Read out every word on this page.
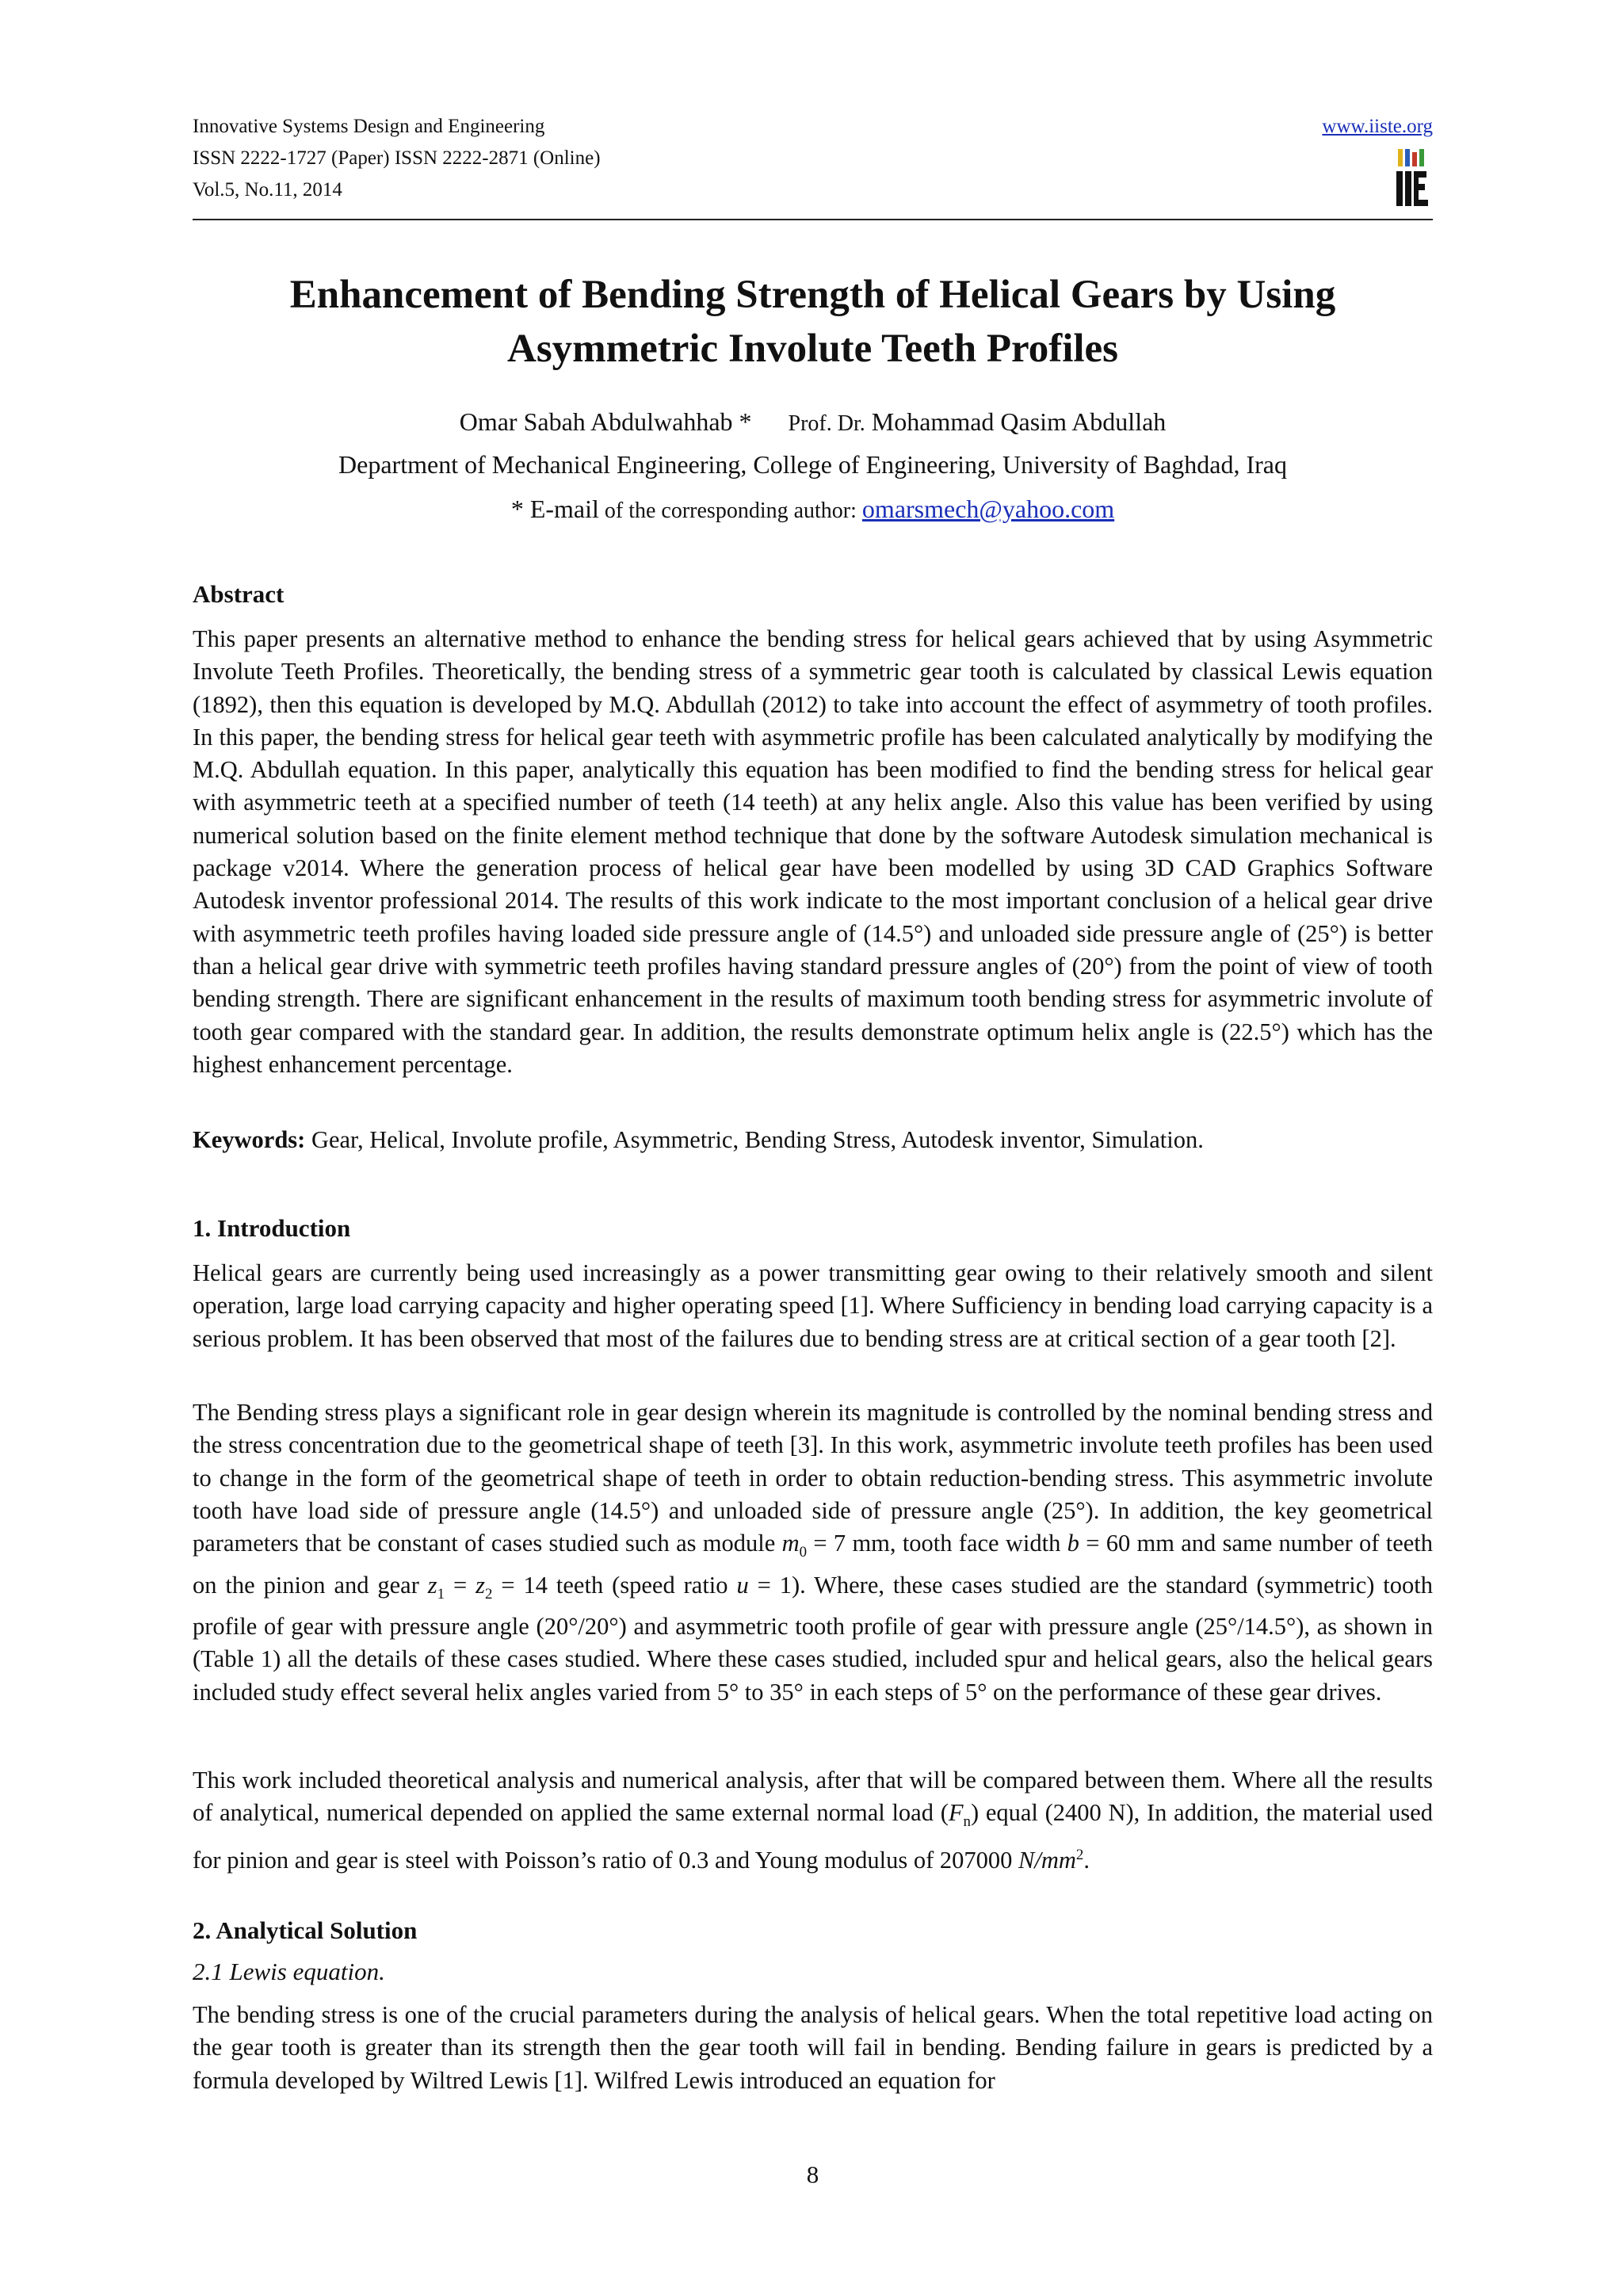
Innovative Systems Design and Engineering
ISSN 2222-1727 (Paper) ISSN 2222-2871 (Online)
Vol.5, No.11, 2014
www.iiste.org
Enhancement of Bending Strength of Helical Gears by Using
Asymmetric Involute Teeth Profiles
Omar Sabah Abdulwahhab * Prof. Dr. Mohammad Qasim Abdullah
Department of Mechanical Engineering, College of Engineering, University of Baghdad, Iraq
* E-mail of the corresponding author: omarsmech@yahoo.com
Abstract
This paper presents an alternative method to enhance the bending stress for helical gears achieved that by using Asymmetric Involute Teeth Profiles. Theoretically, the bending stress of a symmetric gear tooth is calculated by classical Lewis equation (1892), then this equation is developed by M.Q. Abdullah (2012) to take into account the effect of asymmetry of tooth profiles. In this paper, the bending stress for helical gear teeth with asymmetric profile has been calculated analytically by modifying the M.Q. Abdullah equation. In this paper, analytically this equation has been modified to find the bending stress for helical gear with asymmetric teeth at a specified number of teeth (14 teeth) at any helix angle. Also this value has been verified by using numerical solution based on the finite element method technique that done by the software Autodesk simulation mechanical is package v2014. Where the generation process of helical gear have been modelled by using 3D CAD Graphics Software Autodesk inventor professional 2014. The results of this work indicate to the most important conclusion of a helical gear drive with asymmetric teeth profiles having loaded side pressure angle of (14.5°) and unloaded side pressure angle of (25°) is better than a helical gear drive with symmetric teeth profiles having standard pressure angles of (20°) from the point of view of tooth bending strength. There are significant enhancement in the results of maximum tooth bending stress for asymmetric involute of tooth gear compared with the standard gear. In addition, the results demonstrate optimum helix angle is (22.5°) which has the highest enhancement percentage.
Keywords: Gear, Helical, Involute profile, Asymmetric, Bending Stress, Autodesk inventor, Simulation.
1. Introduction
Helical gears are currently being used increasingly as a power transmitting gear owing to their relatively smooth and silent operation, large load carrying capacity and higher operating speed [1]. Where Sufficiency in bending load carrying capacity is a serious problem. It has been observed that most of the failures due to bending stress are at critical section of a gear tooth [2].
The Bending stress plays a significant role in gear design wherein its magnitude is controlled by the nominal bending stress and the stress concentration due to the geometrical shape of teeth [3]. In this work, asymmetric involute teeth profiles has been used to change in the form of the geometrical shape of teeth in order to obtain reduction-bending stress. This asymmetric involute tooth have load side of pressure angle (14.5°) and unloaded side of pressure angle (25°). In addition, the key geometrical parameters that be constant of cases studied such as module $m_0 = 7$ mm, tooth face width b = 60 mm and same number of teeth on the pinion and gear $z_1 = z_2 = 14$ teeth (speed ratio u = 1). Where, these cases studied are the standard (symmetric) tooth profile of gear with pressure angle (20°/20°) and asymmetric tooth profile of gear with pressure angle (25°/14.5°), as shown in (Table 1) all the details of these cases studied. Where these cases studied, included spur and helical gears, also the helical gears included study effect several helix angles varied from 5° to 35° in each steps of 5° on the performance of these gear drives.
This work included theoretical analysis and numerical analysis, after that will be compared between them. Where all the results of analytical, numerical depended on applied the same external normal load $(F_n)$ equal (2400 N), In addition, the material used for pinion and gear is steel with Poisson’s ratio of 0.3 and Young modulus of 207000 $N/mm^2$.
2. Analytical Solution
2.1 Lewis equation.
The bending stress is one of the crucial parameters during the analysis of helical gears. When the total repetitive load acting on the gear tooth is greater than its strength then the gear tooth will fail in bending. Bending failure in gears is predicted by a formula developed by Wiltred Lewis [1]. Wilfred Lewis introduced an equation for
8
